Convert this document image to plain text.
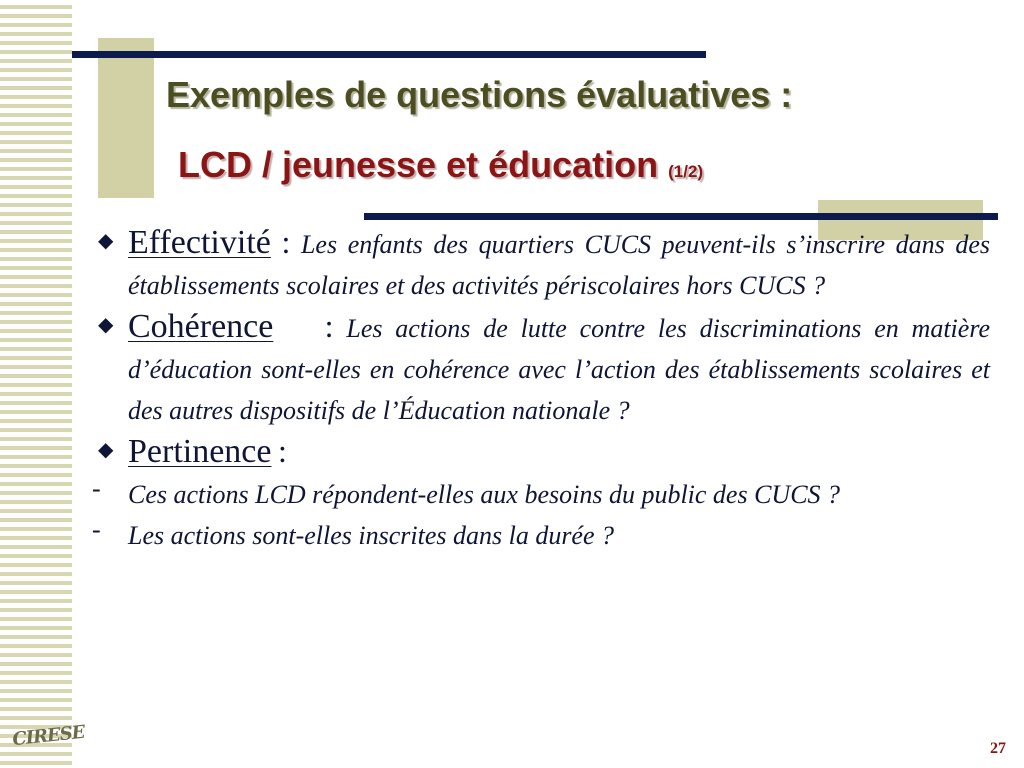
Exemples de questions évaluatives :
LCD / jeunesse et éducation (1/2)
◆ Effectivité : Les enfants des quartiers CUCS peuvent-ils s’inscrire dans des établissements scolaires et des activités périscolaires hors CUCS ?
◆ Cohérence : Les actions de lutte contre les discriminations en matière d’éducation sont-elles en cohérence avec l’action des établissements scolaires et des autres dispositifs de l’Éducation nationale ?
◆ Pertinence :
-	Ces actions LCD répondent-elles aux besoins du public des CUCS ?
-	Les actions sont-elles inscrites dans la durée ?
CIRESE	27
